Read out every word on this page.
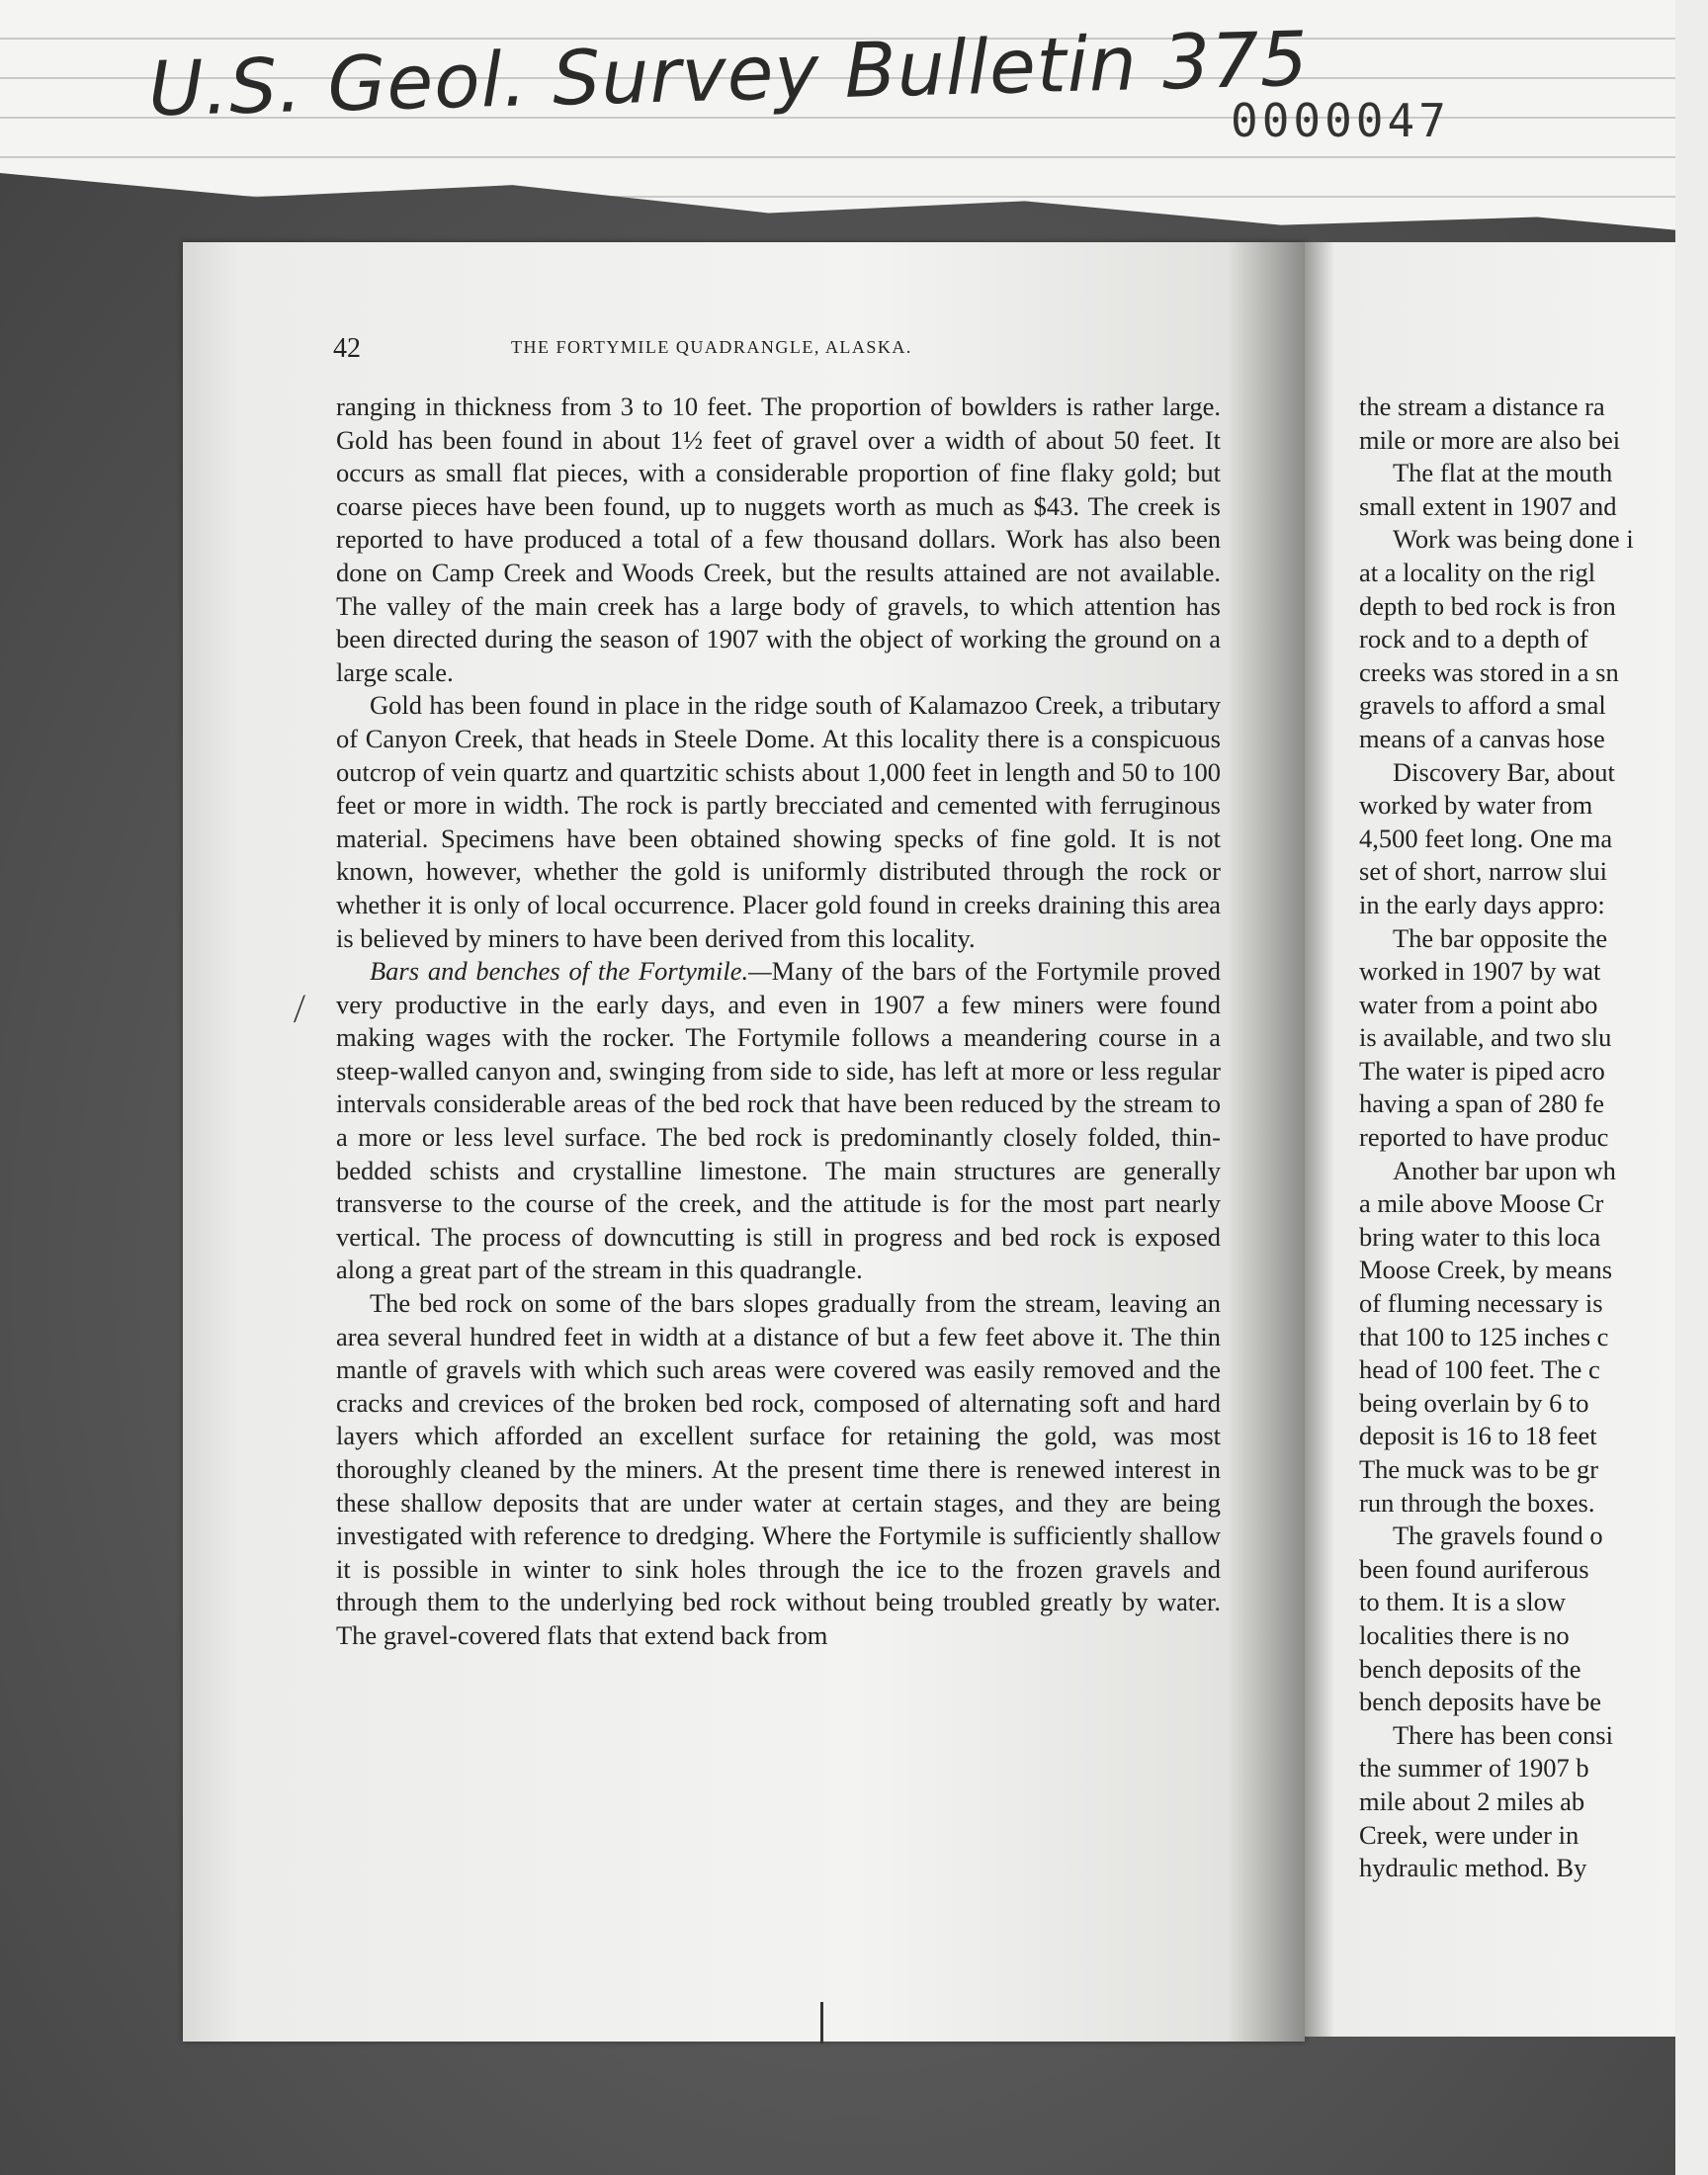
U.S. Geol. Survey Bulletin 375
0000047
42	THE FORTYMILE QUADRANGLE, ALASKA.

ranging in thickness from 3 to 10 feet. The proportion of bowlders is rather large. Gold has been found in about 1½ feet of gravel over a width of about 50 feet. It occurs as small flat pieces, with a considerable proportion of fine flaky gold; but coarse pieces have been found, up to nuggets worth as much as $43. The creek is reported to have produced a total of a few thousand dollars. Work has also been done on Camp Creek and Woods Creek, but the results attained are not available. The valley of the main creek has a large body of gravels, to which attention has been directed during the season of 1907 with the object of working the ground on a large scale.

Gold has been found in place in the ridge south of Kalamazoo Creek, a tributary of Canyon Creek, that heads in Steele Dome. At this locality there is a conspicuous outcrop of vein quartz and quartzitic schists about 1,000 feet in length and 50 to 100 feet or more in width. The rock is partly brecciated and cemented with ferruginous material. Specimens have been obtained showing specks of fine gold. It is not known, however, whether the gold is uniformly distributed through the rock or whether it is only of local occurrence. Placer gold found in creeks draining this area is believed by miners to have been derived from this locality.

Bars and benches of the Fortymile.—Many of the bars of the Fortymile proved very productive in the early days, and even in 1907 a few miners were found making wages with the rocker. The Fortymile follows a meandering course in a steep-walled canyon and, swinging from side to side, has left at more or less regular intervals considerable areas of the bed rock that have been reduced by the stream to a more or less level surface. The bed rock is predominantly closely folded, thin-bedded schists and crystalline limestone. The main structures are generally transverse to the course of the creek, and the attitude is for the most part nearly vertical. The process of downcutting is still in progress and bed rock is exposed along a great part of the stream in this quadrangle.

The bed rock on some of the bars slopes gradually from the stream, leaving an area several hundred feet in width at a distance of but a few feet above it. The thin mantle of gravels with which such areas were covered was easily removed and the cracks and crevices of the broken bed rock, composed of alternating soft and hard layers which afforded an excellent surface for retaining the gold, was most thoroughly cleaned by the miners. At the present time there is renewed interest in these shallow deposits that are under water at certain stages, and they are being investigated with reference to dredging. Where the Fortymile is sufficiently shallow it is possible in winter to sink holes through the ice to the frozen gravels and through them to the underlying bed rock without being troubled greatly by water. The gravel-covered flats that extend back from

⟋
the stream a distance ra
mile or more are also bei
The flat at the mouth
small extent in 1907 and
Work was being done i
at a locality on the rigl
depth to bed rock is fron
rock and to a depth of
creeks was stored in a sn
gravels to afford a smal
means of a canvas hose
Discovery Bar, about
worked by water from
4,500 feet long. One ma
set of short, narrow slui
in the early days appro:
The bar opposite the
worked in 1907 by wat
water from a point abo
is available, and two slu
The water is piped acro
having a span of 280 fe
reported to have produc
Another bar upon wh
a mile above Moose Cr
bring water to this loca
Moose Creek, by means
of fluming necessary is
that 100 to 125 inches c
head of 100 feet. The c
being overlain by 6 to
deposit is 16 to 18 feet
The muck was to be gr
run through the boxes.
The gravels found o
been found auriferous
to them. It is a slow
localities there is no
bench deposits of the
bench deposits have be
There has been consi
the summer of 1907 b
mile about 2 miles ab
Creek, were under in
hydraulic method. By
